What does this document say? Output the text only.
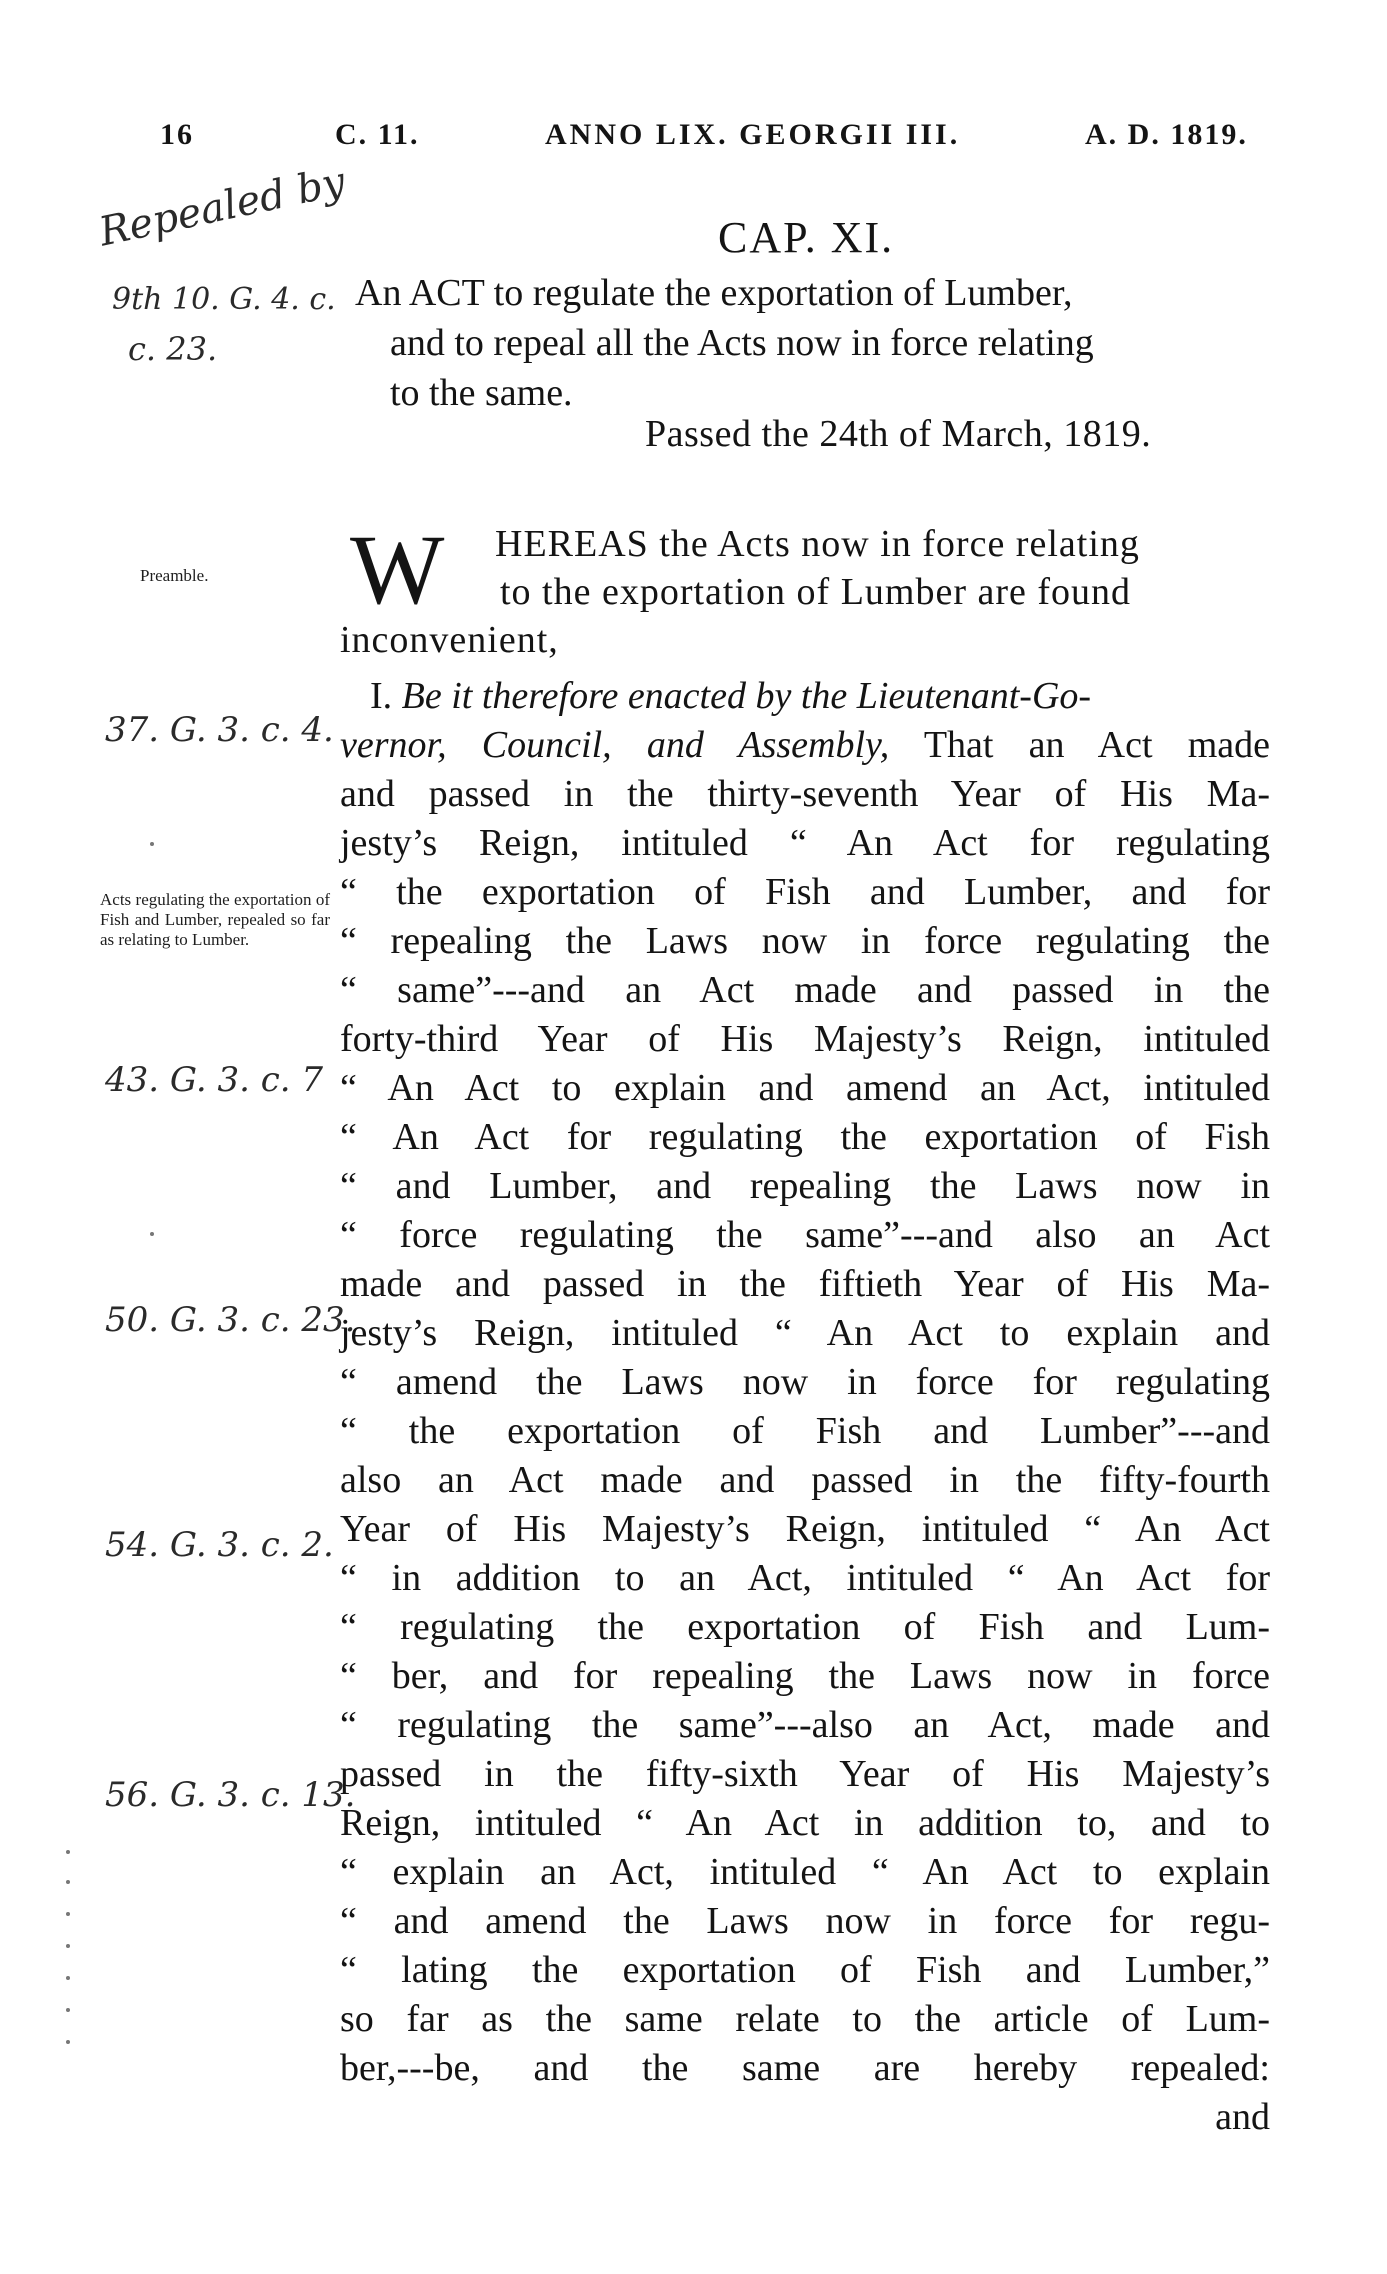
16	C. 11.	ANNO LIX. GEORGII III.	A. D. 1819.
Repealed by
9th 10. G. 4. c.
c. 23.
37. G. 3. c. 4.
43. G. 3. c. 7
50. G. 3. c. 23.
54. G. 3. c. 2.
56. G. 3. c. 13.
Preamble.
Acts regulating the exportation of Fish and Lumber, repealed so far as relating to Lumber.
CAP. XI.
An ACT to regulate the exportation of Lumber,
and to repeal all the Acts now in force relating
to the same.
Passed the 24th of March, 1819.
W HEREAS the Acts now in force relating
to the exportation of Lumber are found
inconvenient,
I. Be it therefore enacted by the Lieutenant-Go-
vernor, Council, and Assembly, That an Act made
and passed in the thirty-seventh Year of His Ma-
jesty’s Reign, intituled “ An Act for regulating
“ the exportation of Fish and Lumber, and for
“ repealing the Laws now in force regulating the
“ same”---and an Act made and passed in the
forty-third Year of His Majesty’s Reign, intituled
“ An Act to explain and amend an Act, intituled
“ An Act for regulating the exportation of Fish
“ and Lumber, and repealing the Laws now in
“ force regulating the same”---and also an Act
made and passed in the fiftieth Year of His Ma-
jesty’s Reign, intituled “ An Act to explain and
“ amend the Laws now in force for regulating
“ the exportation of Fish and Lumber”---and
also an Act made and passed in the fifty-fourth
Year of His Majesty’s Reign, intituled “ An Act
“ in addition to an Act, intituled “ An Act for
“ regulating the exportation of Fish and Lum-
“ ber, and for repealing the Laws now in force
“ regulating the same”---also an Act, made and
passed in the fifty-sixth Year of His Majesty’s
Reign, intituled “ An Act in addition to, and to
“ explain an Act, intituled “ An Act to explain
“ and amend the Laws now in force for regu-
“ lating the exportation of Fish and Lumber,”
so far as the same relate to the article of Lum-
ber,---be, and the same are hereby repealed:
and
